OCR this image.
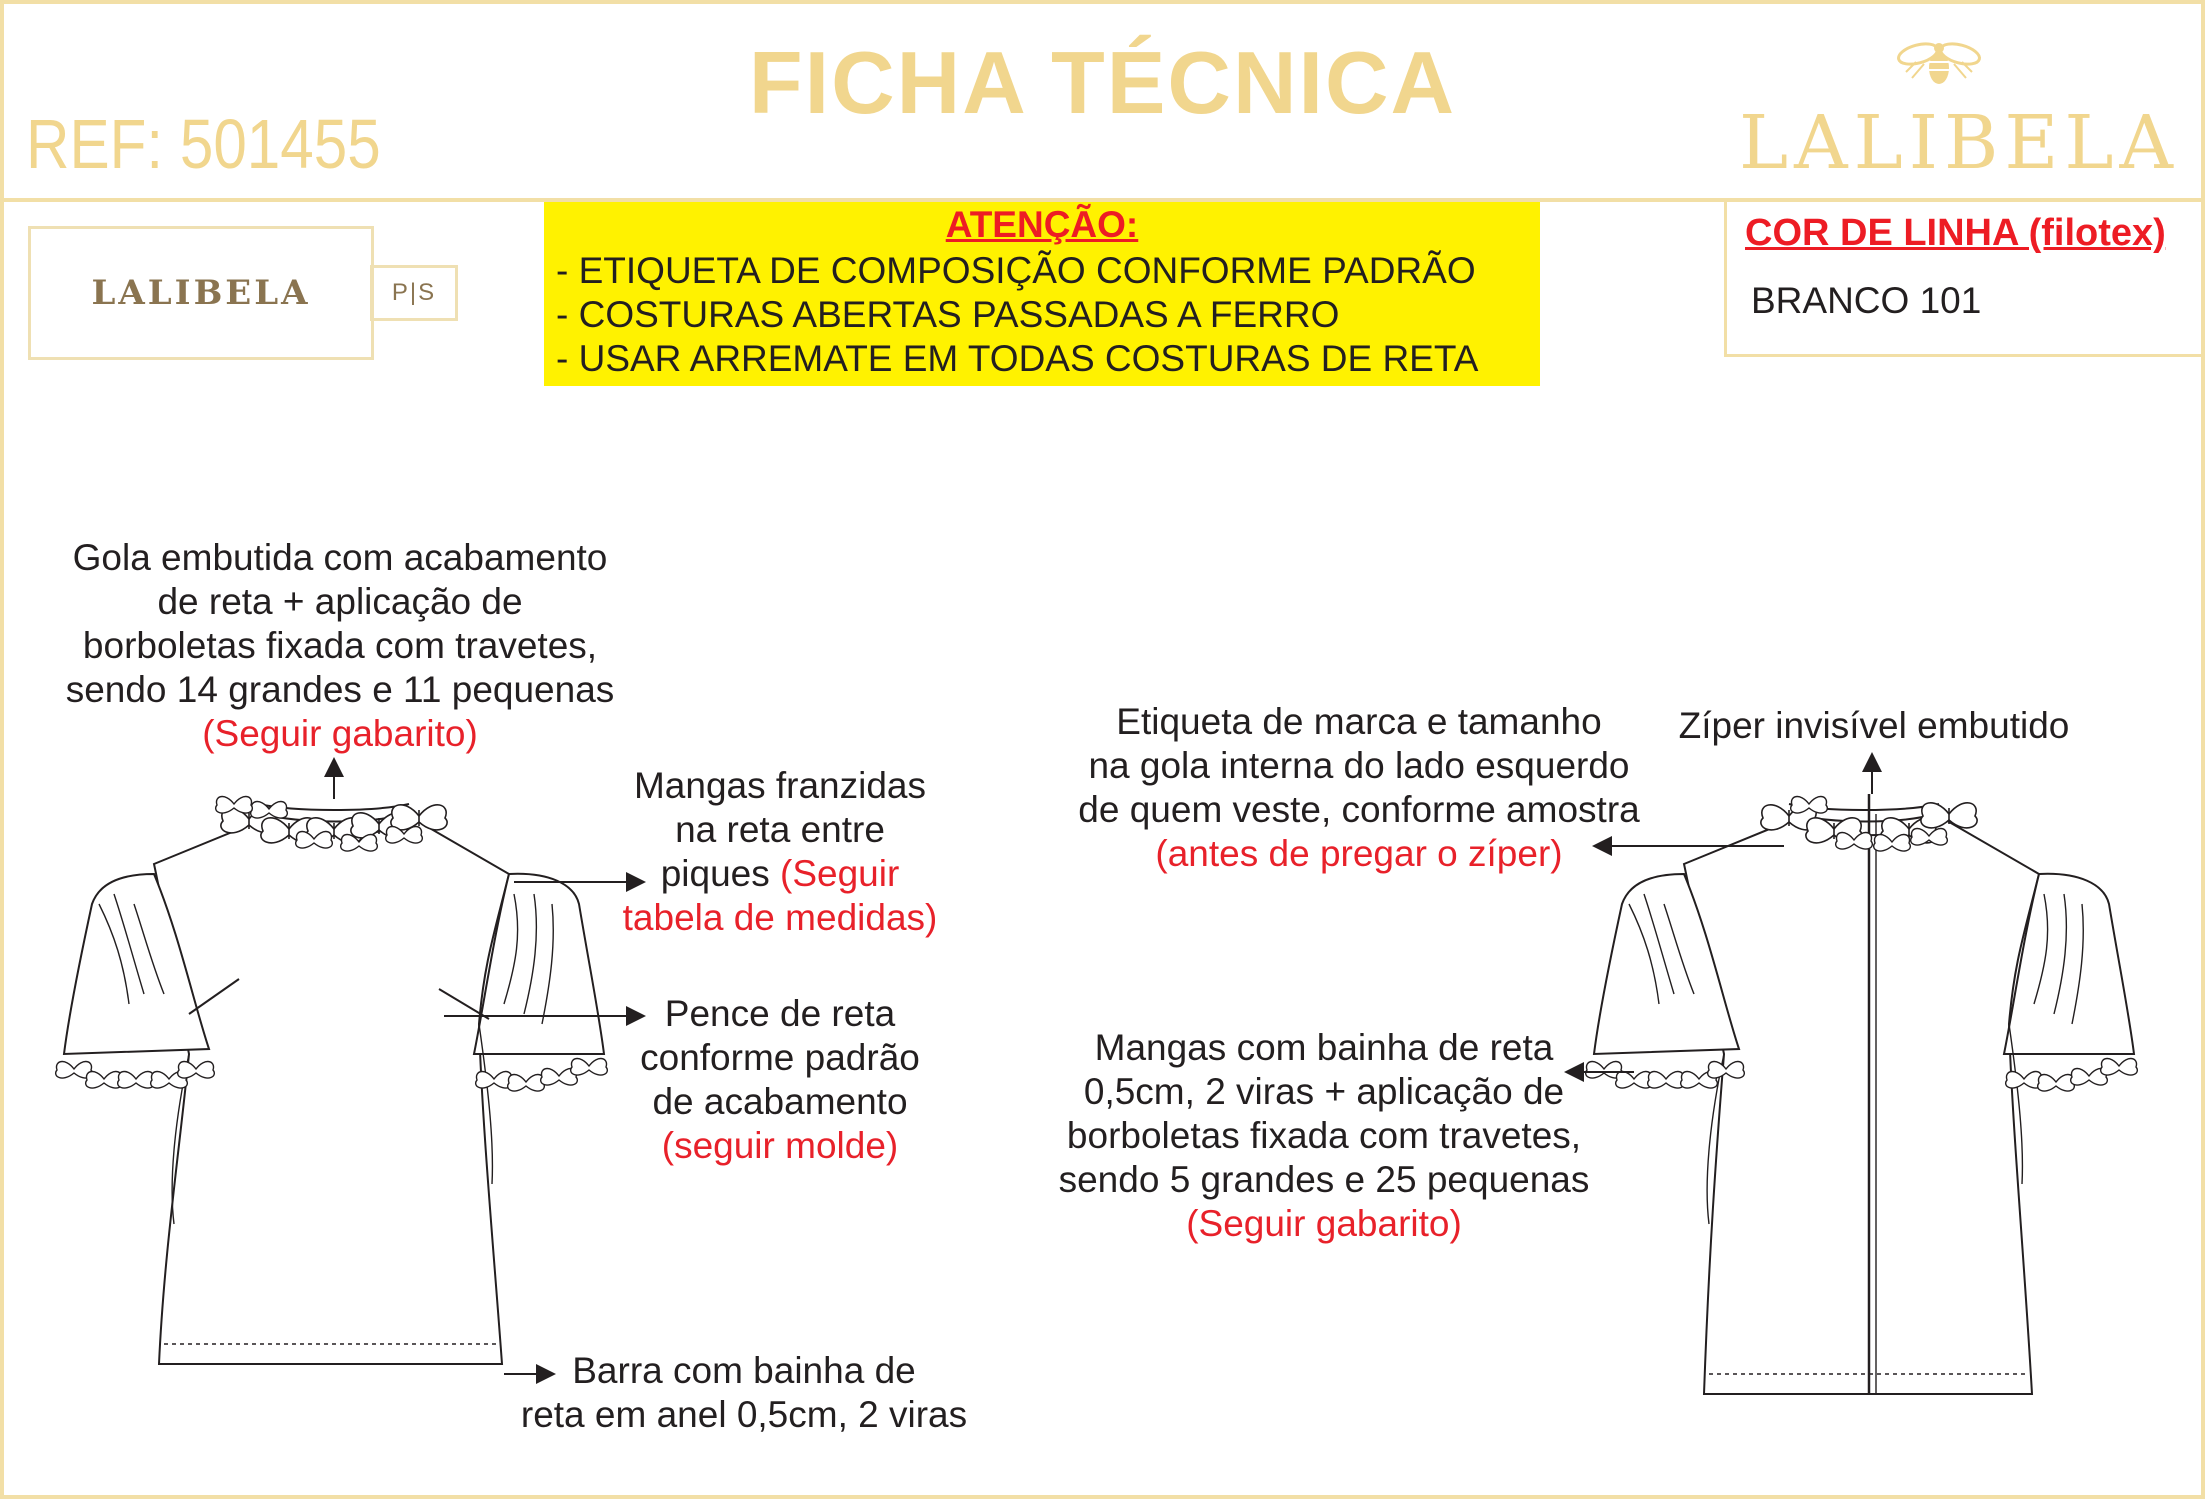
FICHA TÉCNICA
REF: 501455	LALIBELA
LALIBELA	P|S
ATENÇÃO:
- ETIQUETA DE COMPOSIÇÃO CONFORME PADRÃO
- COSTURAS ABERTAS PASSADAS A FERRO
- USAR ARREMATE EM TODAS COSTURAS DE RETA
COR DE LINHA (filotex)
BRANCO 101
Gola embutida com acabamento
de reta + aplicação de
borboletas fixada com travetes,
sendo 14 grandes e 11 pequenas
(Seguir gabarito)
Mangas franzidas
na reta entre
piques (Seguir
tabela de medidas)
Pence de reta
conforme padrão
de acabamento
(seguir molde)
Barra com bainha de
reta em anel 0,5cm, 2 viras
Etiqueta de marca e tamanho
na gola interna do lado esquerdo
de quem veste, conforme amostra
(antes de pregar o zíper)
Zíper invisível embutido
Mangas com bainha de reta
0,5cm, 2 viras + aplicação de
borboletas fixada com travetes,
sendo 5 grandes e 25 pequenas
(Seguir gabarito)
